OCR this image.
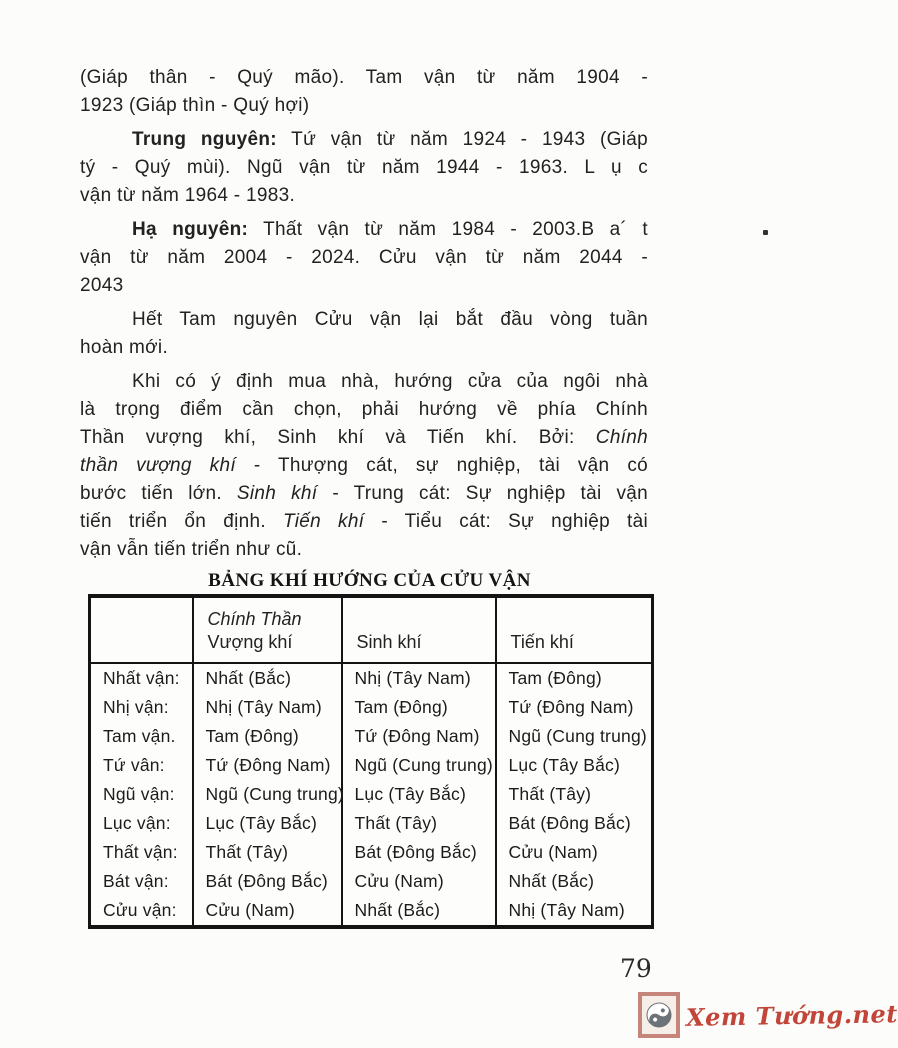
(Giáp thân - Quý mão). Tam vận từ năm 1904 -
1923 (Giáp thìn - Quý hợi)
Trung nguyên: Tứ vận từ năm 1924 - 1943 (Giáp
tý - Quý mùi). Ngũ vận từ năm 1944 - 1963. L ụ c
vận từ năm 1964 - 1983.
Hạ nguyên: Thất vận từ năm 1984 - 2003.B a´ t
vận từ năm 2004 - 2024. Cửu vận từ năm 2044 -
2043
Hết Tam nguyên Cửu vận lại bắt đầu vòng tuần
hoàn mới.
Khi có ý định mua nhà, hướng cửa của ngôi nhà
là trọng điểm cần chọn, phải hướng về phía Chính
Thần vượng khí, Sinh khí và Tiến khí. Bởi: Chính
thần vượng khí - Thượng cát, sự nghiệp, tài vận có
bước tiến lớn. Sinh khí - Trung cát: Sự nghiệp tài vận
tiến triển ổn định. Tiến khí - Tiểu cát: Sự nghiệp tài
vận vẫn tiến triển như cũ.
BẢNG KHÍ HƯỚNG CỦA CỬU VẬN

	Chính Thần
Vượng khí	Sinh khí	Tiến khí

Nhất vận:	Nhất (Bắc)	Nhị (Tây Nam)	Tam (Đông)
Nhị vận:	Nhị (Tây Nam)	Tam (Đông)	Tứ (Đông Nam)
Tam vận.	Tam (Đông)	Tứ (Đông Nam)	Ngũ (Cung trung)
Tứ vân:	Tứ (Đông Nam)	Ngũ (Cung trung)	Lục (Tây Bắc)
Ngũ vận:	Ngũ (Cung trung)	Lục (Tây Bắc)	Thất (Tây)
Lục vận:	Lục (Tây Bắc)	Thất (Tây)	Bát (Đông Bắc)
Thất vận:	Thất (Tây)	Bát (Đông Bắc)	Cửu (Nam)
Bát vận:	Bát (Đông Bắc)	Cửu (Nam)	Nhất (Bắc)
Cửu vận:	Cửu (Nam)	Nhất (Bắc)	Nhị (Tây Nam)
79
Xem Tướng.net
